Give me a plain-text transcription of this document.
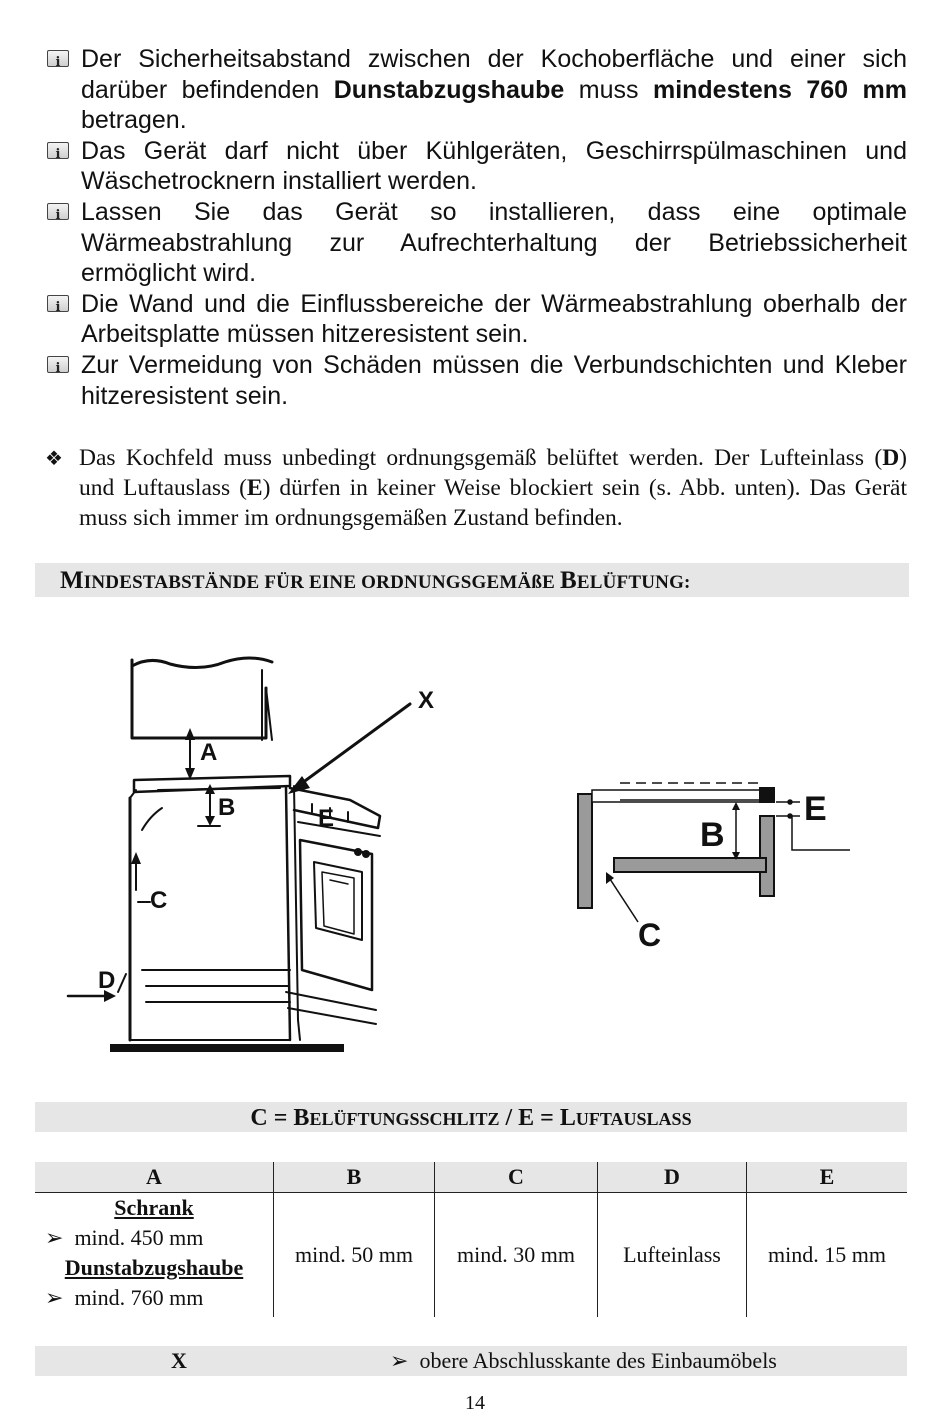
i
Der Sicherheitsabstand zwischen der Kochoberfläche und einer sich darüber befindenden Dunstabzugshaube muss mindestens 760 mm betragen.
i
Das Gerät darf nicht über Kühlgeräten, Geschirrspülmaschinen und Wäschetrocknern installiert werden.
i
Lassen Sie das Gerät so installieren, dass eine optimale Wärmeabstrahlung zur Aufrechterhaltung der Betriebssicherheit ermöglicht wird.
i
Die Wand und die Einflussbereiche der Wärmeabstrahlung oberhalb der Arbeitsplatte müssen hitzeresistent sein.
i
Zur Vermeidung von Schäden müssen die Verbundschichten und Kleber hitzeresistent sein.
❖ Das Kochfeld muss unbedingt ordnungsgemäß belüftet werden. Der Lufteinlass (D) und Luftauslass (E) dürfen in keiner Weise blockiert sein (s. Abb. unten). Das Gerät muss sich immer im ordnungsgemäßen Zustand befinden.
MINDESTABSTÄNDE FÜR EINE ORDNUNGSGEMÄßE BELÜFTUNG:
A
B
C
D
E
X
B
C
E
C = BELÜFTUNGSSCHLITZ / E = LUFTAUSLASS
A	B	C	D	E

Schrank
➢ mind. 450 mm
Dunstabzugshaube
➢ mind. 760 mm	mind. 50 mm	mind. 30 mm	Lufteinlass	mind. 15 mm
X	➢ obere Abschlusskante des Einbaumöbels
14
